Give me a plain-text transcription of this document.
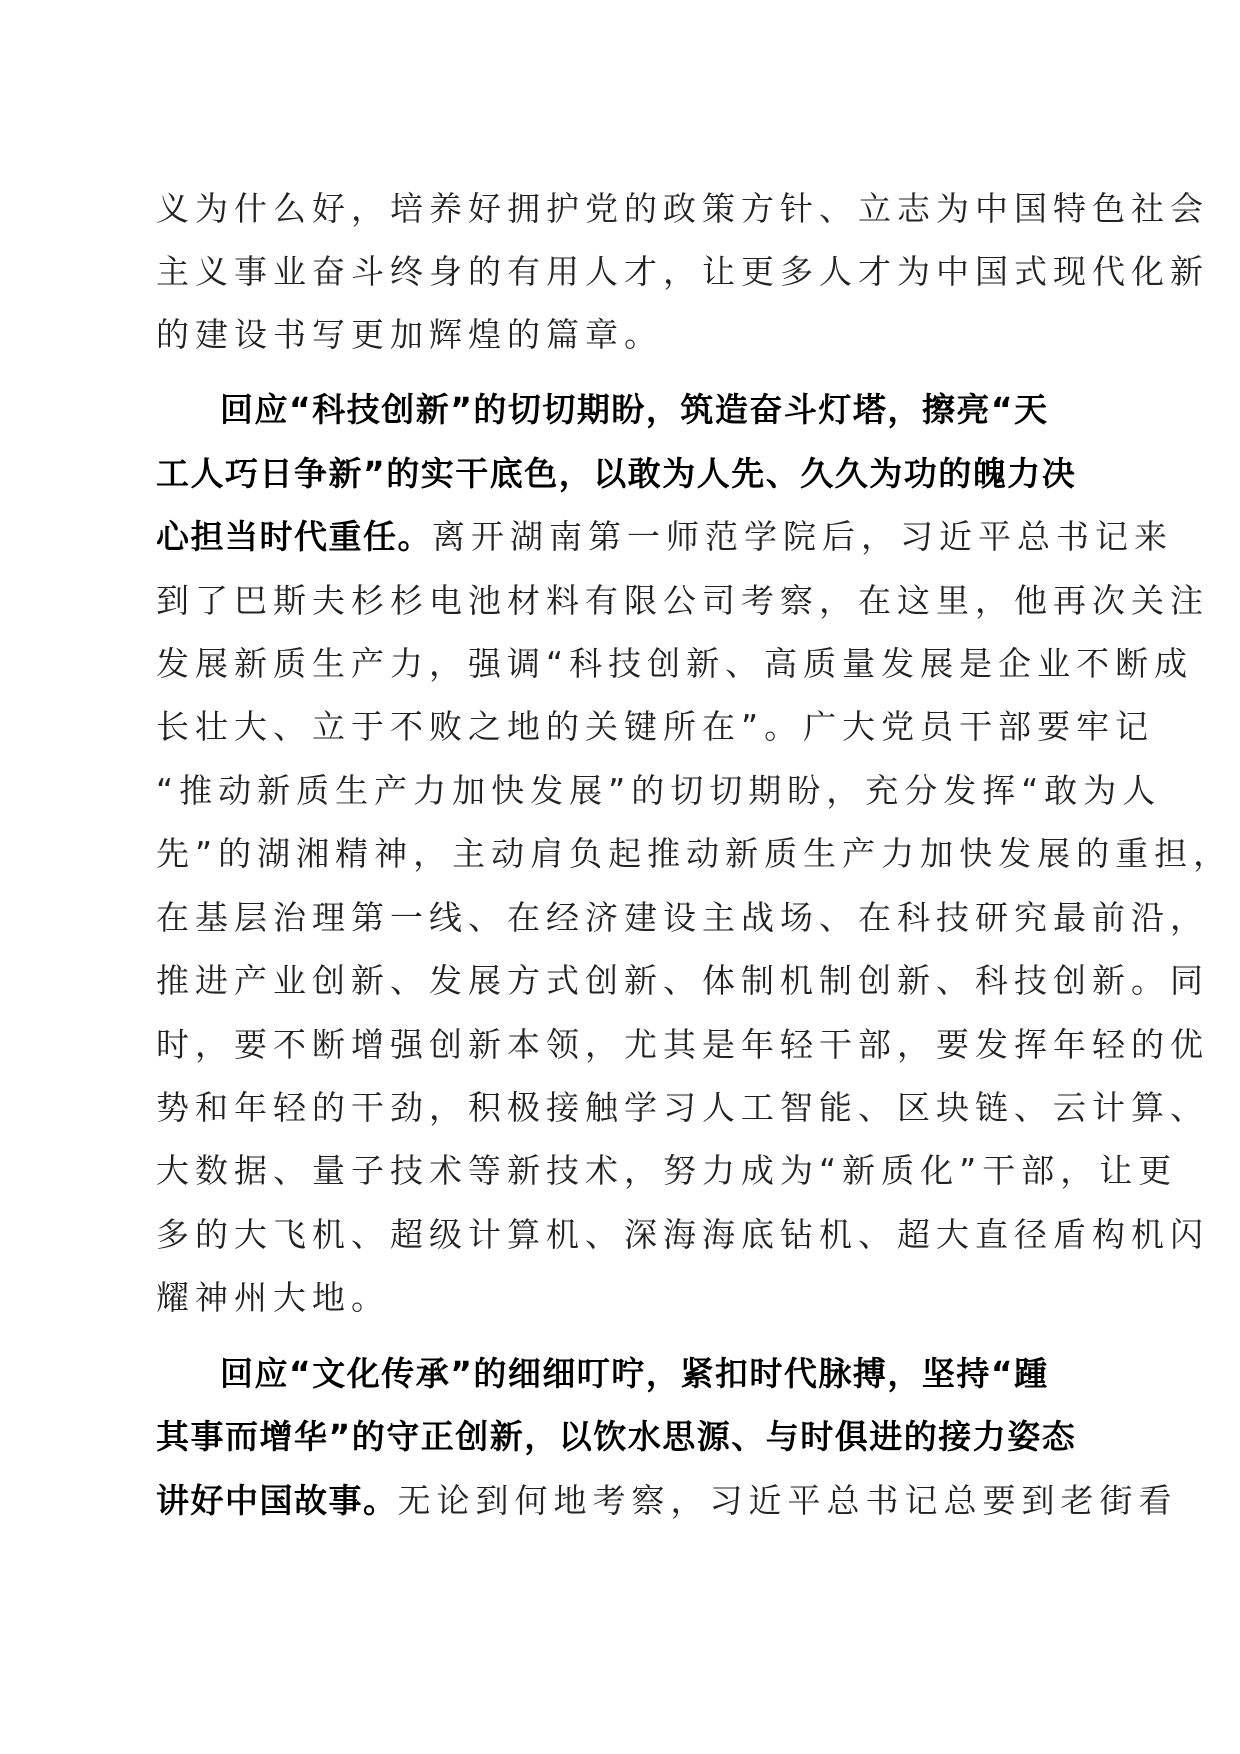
义为什么好，培养好拥护党的政策方针、立志为中国特色社会
主义事业奋斗终身的有用人才，让更多人才为中国式现代化新
的建设书写更加辉煌的篇章。
回应“科技创新”的切切期盼，筑造奋斗灯塔，擦亮“天
工人巧日争新”的实干底色，以敢为人先、久久为功的魄力决
心担当时代重任。离开湖南第一师范学院后，习近平总书记来
到了巴斯夫杉杉电池材料有限公司考察，在这里，他再次关注
发展新质生产力，强调“科技创新、高质量发展是企业不断成
长壮大、立于不败之地的关键所在”。广大党员干部要牢记
“推动新质生产力加快发展”的切切期盼，充分发挥“敢为人
先”的湖湘精神，主动肩负起推动新质生产力加快发展的重担，
在基层治理第一线、在经济建设主战场、在科技研究最前沿，
推进产业创新、发展方式创新、体制机制创新、科技创新。同
时，要不断增强创新本领，尤其是年轻干部，要发挥年轻的优
势和年轻的干劲，积极接触学习人工智能、区块链、云计算、
大数据、量子技术等新技术，努力成为“新质化”干部，让更
多的大飞机、超级计算机、深海海底钻机、超大直径盾构机闪
耀神州大地。
回应“文化传承”的细细叮咛，紧扣时代脉搏，坚持“踵
其事而增华”的守正创新，以饮水思源、与时俱进的接力姿态
讲好中国故事。无论到何地考察，习近平总书记总要到老街看
